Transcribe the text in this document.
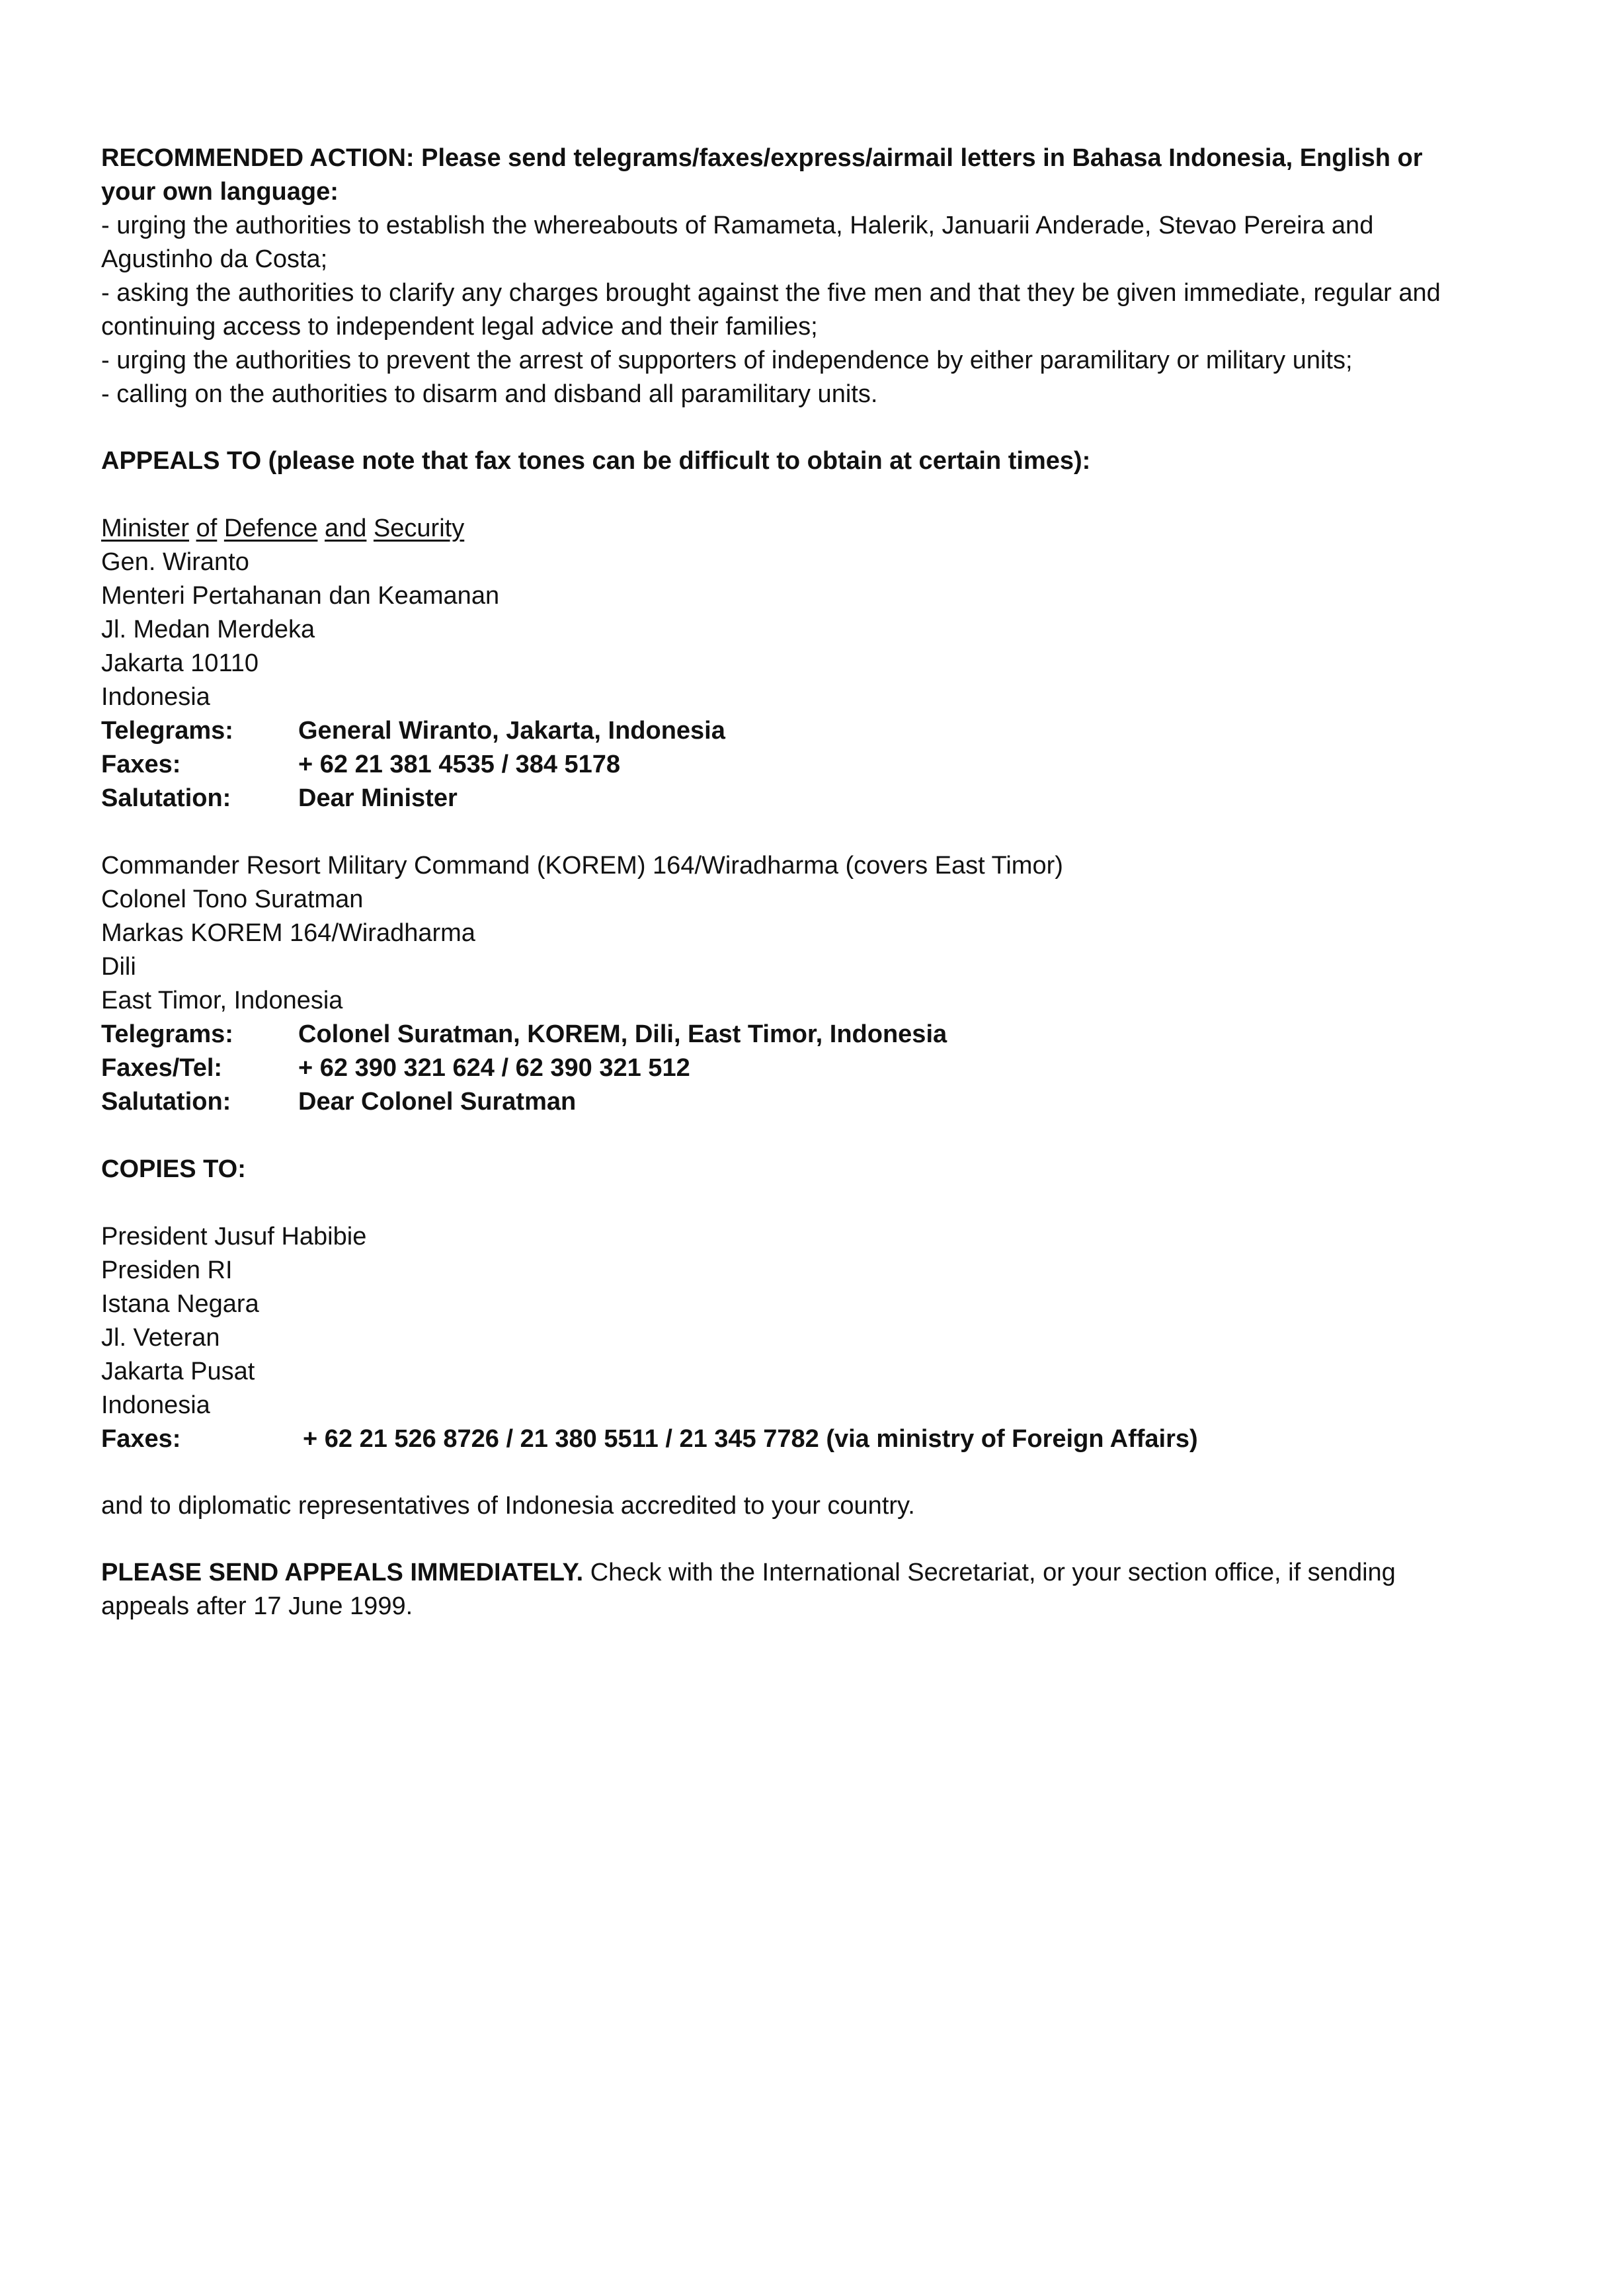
RECOMMENDED ACTION: Please send telegrams/faxes/express/airmail letters in Bahasa Indonesia, English or your own language:

- urging the authorities to establish the whereabouts of Ramameta, Halerik, Januarii Anderade, Stevao Pereira and Agustinho da Costa;

- asking the authorities to clarify any charges brought against the five men and that they be given immediate, regular and continuing access to independent legal advice and their families;

- urging the authorities to prevent the arrest of supporters of independence by either paramilitary or military units;

- calling on the authorities to disarm and disband all paramilitary units.

APPEALS TO (please note that fax tones can be difficult to obtain at certain times):

Minister of Defence and Security
Gen. Wiranto
Menteri Pertahanan dan Keamanan
Jl. Medan Merdeka
Jakarta 10110
Indonesia
Telegrams:	General Wiranto, Jakarta, Indonesia
Faxes:	+ 62 21 381 4535 / 384 5178
Salutation:	Dear Minister
Commander Resort Military Command (KOREM) 164/Wiradharma (covers East Timor)
Colonel Tono Suratman
Markas KOREM 164/Wiradharma
Dili
East Timor, Indonesia
Telegrams:	Colonel Suratman, KOREM, Dili, East Timor, Indonesia
Faxes/Tel:	+ 62 390 321 624 / 62 390 321 512
Salutation:	Dear Colonel Suratman

COPIES TO:

President Jusuf Habibie
Presiden RI
Istana Negara
Jl. Veteran
Jakarta Pusat
Indonesia
Faxes:	+ 62 21 526 8726 / 21 380 5511 / 21 345 7782 (via ministry of Foreign Affairs)

and to diplomatic representatives of Indonesia accredited to your country.

PLEASE SEND APPEALS IMMEDIATELY. Check with the International Secretariat, or your section office, if sending appeals after 17 June 1999.
